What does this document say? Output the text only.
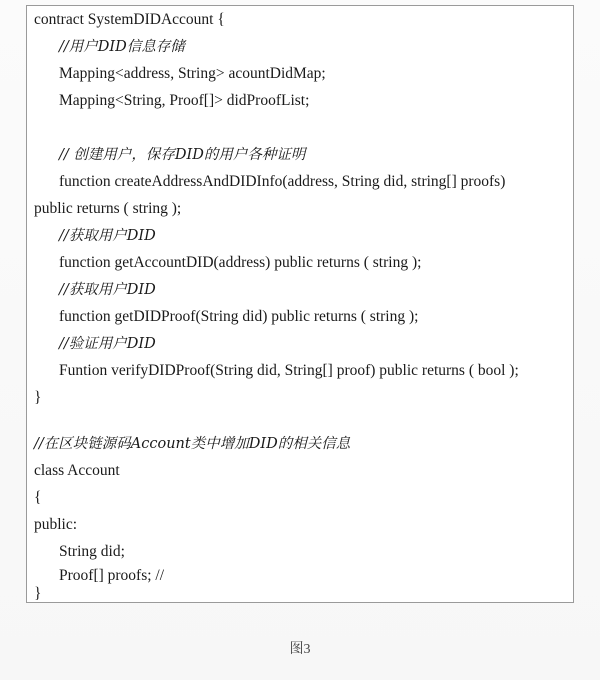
contract SystemDIDAccount {
//用户DID信息存储
Mapping<address, String> acountDidMap;
Mapping<String, Proof[]> didProofList;
// 创建用户，保存DID的用户各种证明
function createAddressAndDIDInfo(address, String did, string[] proofs)
public returns ( string );
//获取用户DID
function getAccountDID(address) public returns ( string );
//获取用户DID
function getDIDProof(String did) public returns ( string );
//验证用户DID
Funtion verifyDIDProof(String did, String[] proof) public returns ( bool );
}
//在区块链源码Account类中增加DID的相关信息
class Account
{
public:
String did;
Proof[] proofs; //
}
图3
